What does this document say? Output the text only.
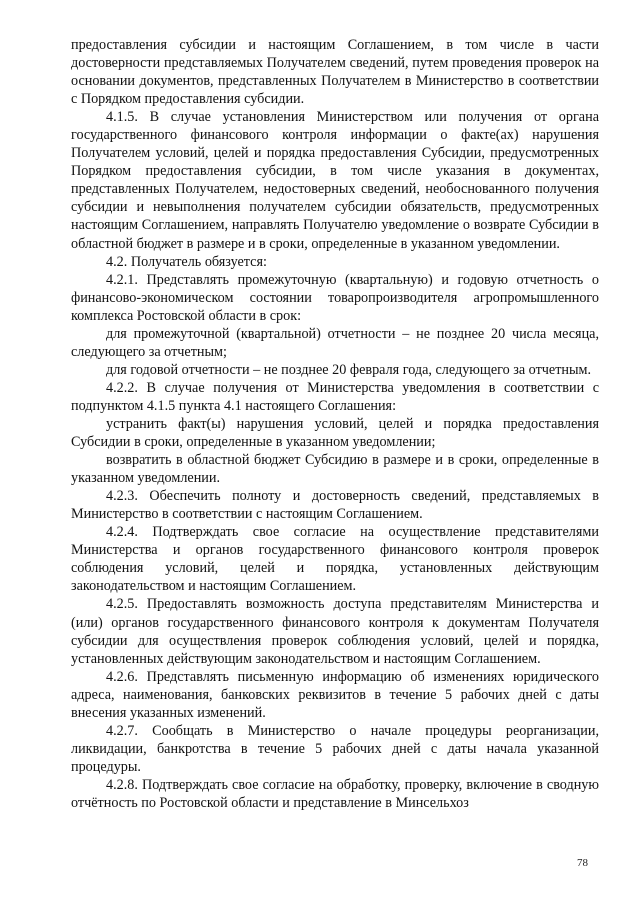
предоставления субсидии и настоящим Соглашением, в том числе в части достоверности представляемых Получателем сведений, путем проведения проверок на основании документов, представленных Получателем в Министерство в соответствии с Порядком предоставления субсидии.

4.1.5. В случае установления Министерством или получения от органа государственного финансового контроля информации о факте(ах) нарушения Получателем условий, целей и порядка предоставления Субсидии, предусмотренных Порядком предоставления субсидии, в том числе указания в документах, представленных Получателем, недостоверных сведений, необоснованного получения субсидии и невыполнения получателем субсидии обязательств, предусмотренных настоящим Соглашением, направлять Получателю уведомление о возврате Субсидии в областной бюджет в размере и в сроки, определенные в указанном уведомлении.

4.2. Получатель обязуется:

4.2.1. Представлять промежуточную (квартальную) и годовую отчетность о финансово-экономическом состоянии товаропроизводителя агропромышленного комплекса Ростовской области в срок:

для промежуточной (квартальной) отчетности – не позднее 20 числа месяца, следующего за отчетным;

для годовой отчетности – не позднее 20 февраля года, следующего за отчетным.

4.2.2. В случае получения от Министерства уведомления в соответствии с подпунктом 4.1.5 пункта 4.1 настоящего Соглашения:

устранить факт(ы) нарушения условий, целей и порядка предоставления Субсидии в сроки, определенные в указанном уведомлении;

возвратить в областной бюджет Субсидию в размере и в сроки, определенные в указанном уведомлении.

4.2.3. Обеспечить полноту и достоверность сведений, представляемых в Министерство в соответствии с настоящим Соглашением.

4.2.4. Подтверждать свое согласие на осуществление представителями Министерства и органов государственного финансового контроля проверок соблюдения условий, целей и порядка, установленных действующим законодательством и настоящим Соглашением.

4.2.5. Предоставлять возможность доступа представителям Министерства и (или) органов государственного финансового контроля к документам Получателя субсидии для осуществления проверок соблюдения условий, целей и порядка, установленных действующим законодательством и настоящим Соглашением.

4.2.6. Представлять письменную информацию об изменениях юридического адреса, наименования, банковских реквизитов в течение 5 рабочих дней с даты внесения указанных изменений.

4.2.7. Сообщать в Министерство о начале процедуры реорганизации, ликвидации, банкротства в течение 5 рабочих дней с даты начала указанной процедуры.

4.2.8. Подтверждать свое согласие на обработку, проверку, включение в сводную отчётность по Ростовской области и представление в Минсельхоз

78
